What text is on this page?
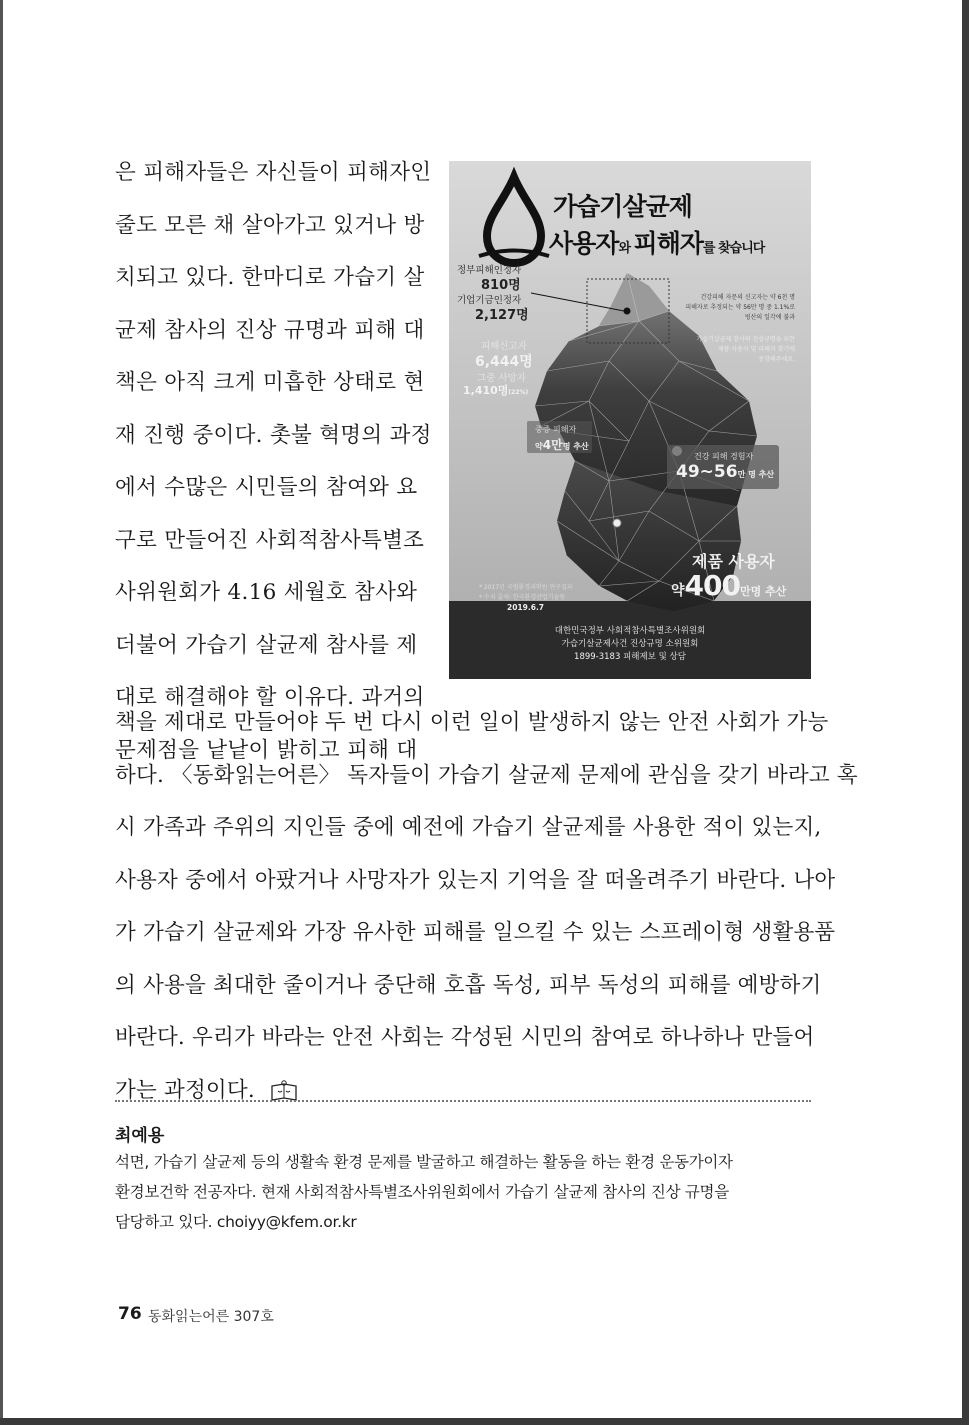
은 피해자들은 자신들이 피해자인
줄도 모른 채 살아가고 있거나 방
치되고 있다. 한마디로 가습기 살
균제 참사의 진상 규명과 피해 대
책은 아직 크게 미흡한 상태로 현
재 진행 중이다. 촛불 혁명의 과정
에서 수많은 시민들의 참여와 요
구로 만들어진 사회적참사특별조
사위원회가 4.16 세월호 참사와
더불어 가습기 살균제 참사를 제
대로 해결해야 할 이유다. 과거의
문제점을 낱낱이 밝히고 피해 대
가습기살균제
사용자와 피해자를 찾습니다
정부피해인정자
810명
기업기금인정자
2,127명
피해신고자
6,444명
그중 사망자
1,410명(22%)
건강피해 자문의 신고자는 약 6천 명
피해자로 추정되는 약 56만 명 중 1.1%로
빙산의 일각에 불과
가습기살균제 참사의 진상규명을 위한
제품 사용자 및 피해자 찾기에
동참해주세요.
중증 피해자
약4만명 추산
건강 피해 경험자
49~56만 명 추산
제품 사용자
약400만명 추산
* 2017년 국립환경과학원 연구결과
* 수치 출처: 한국환경산업기술원
2019.6.7
대한민국정부 사회적참사특별조사위원회
가습기살균제사건 진상규명 소위원회
1899-3183 피해제보 및 상담
책을 제대로 만들어야 두 번 다시 이런 일이 발생하지 않는 안전 사회가 가능
하다. 〈동화읽는어른〉 독자들이 가습기 살균제 문제에 관심을 갖기 바라고 혹
시 가족과 주위의 지인들 중에 예전에 가습기 살균제를 사용한 적이 있는지,
사용자 중에서 아팠거나 사망자가 있는지 기억을 잘 떠올려주기 바란다. 나아
가 가습기 살균제와 가장 유사한 피해를 일으킬 수 있는 스프레이형 생활용품
의 사용을 최대한 줄이거나 중단해 호흡 독성, 피부 독성의 피해를 예방하기
바란다. 우리가 바라는 안전 사회는 각성된 시민의 참여로 하나하나 만들어
가는 과정이다.
최예용
석면, 가습기 살균제 등의 생활속 환경 문제를 발굴하고 해결하는 활동을 하는 환경 운동가이자
환경보건학 전공자다. 현재 사회적참사특별조사위원회에서 가습기 살균제 참사의 진상 규명을
담당하고 있다. choiyy@kfem.or.kr
76 동화읽는어른 307호
